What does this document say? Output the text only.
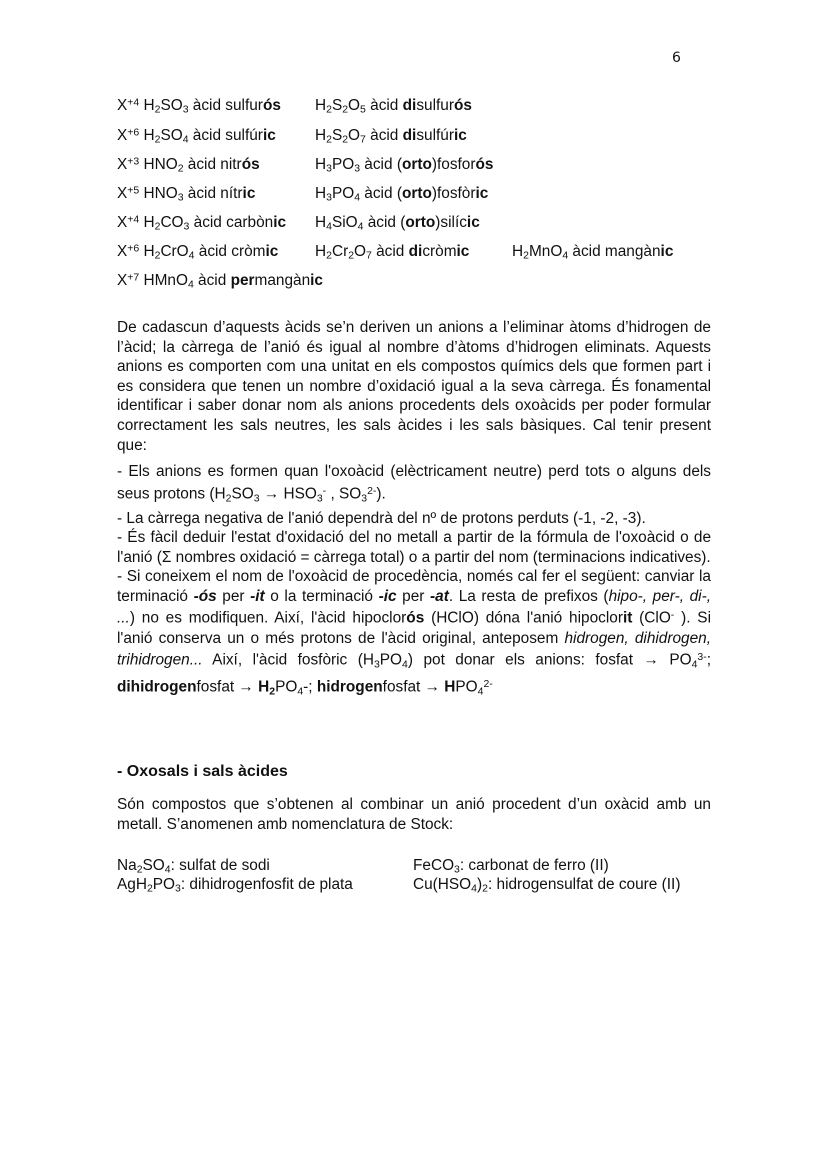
6
$X^{+4}$ $H_2SO_3$ àcid sulfurós $H_2S_2O_5$ àcid disulfurós
$X^{+6}$ $H_2SO_4$ àcid sulfúric	$H_2S_2O_7$ àcid disulfúric
$X^{+3}$ $HNO_2$ àcid nitrós	$H_3PO_3$ àcid (orto)fosforós
$X^{+5}$ $HNO_3$ àcid nítric	$H_3PO_4$ àcid (orto)fosfòric
$X^{+4}$ $H_2CO_3$ àcid carbònic $H_4SiO_4$ àcid (orto)silícic
$X^{+6}$ $H_2CrO_4$ àcid cròmic $H_2Cr_2O_7$ àcid dicròmic	$H_2MnO_4$ àcid mangànic
$X^{+7}$ HMnO$_4$ àcid permangànic
De cadascun d’aquests àcids se’n deriven un anions a l’eliminar àtoms d’hidrogen de l’àcid; la càrrega de l’anió és igual al nombre d’àtoms d’hidrogen eliminats. Aquests anions es comporten com una unitat en els compostos químics dels que formen part i es considera que tenen un nombre d’oxidació igual a la seva càrrega. És fonamental identificar i saber donar nom als anions procedents dels oxoàcids per poder formular correctament les sals neutres, les sals àcides i les sals bàsiques. Cal tenir present que:
- Els anions es formen quan l'oxoàcid (elèctricament neutre) perd tots o alguns dels seus protons ($H_2SO_3 \to HSO_3^-$ , $SO_3^{2-}$).
- La càrrega negativa de l'anió dependrà del nº de protons perduts (-1, -2, -3).
- És fàcil deduir l'estat d'oxidació del no metall a partir de la fórmula de l'oxoàcid o de l'anió (Σ nombres oxidació = càrrega total) o a partir del nom (terminacions indicatives).
- Si coneixem el nom de l'oxoàcid de procedència, només cal fer el següent: canviar la terminació -ós per -it o la terminació -ic per -at. La resta de prefixos (hipo-, per-, di-, ...) no es modifiquen. Així, l'àcid hipoclorós (HClO) dóna l'anió hipoclorit (ClO- ). Si l'anió conserva un o més protons de l'àcid original, anteposem hidrogen, dihidrogen, trihidrogen... Així, l'àcid fosfòric $(H_3PO_4)$ pot donar els anions: fosfat → $PO_4^{3-}$; dihidrogenfosfat → $H2PO_4-$; hidrogenfosfat → $HPO_4^{2-}$
- Oxosals i sals àcides
Són compostos que s’obtenen al combinar un anió procedent d’un oxàcid amb un metall. S’anomenen amb nomenclatura de Stock:
$Na_2SO_4$: sulfat de sodi	FeCO$_3$: carbonat de ferro (II)
$AgH_2PO_3$: dihidrogenfosfit de plata	$Cu(HSO_4)_2$: hidrogensulfat de coure (II)
